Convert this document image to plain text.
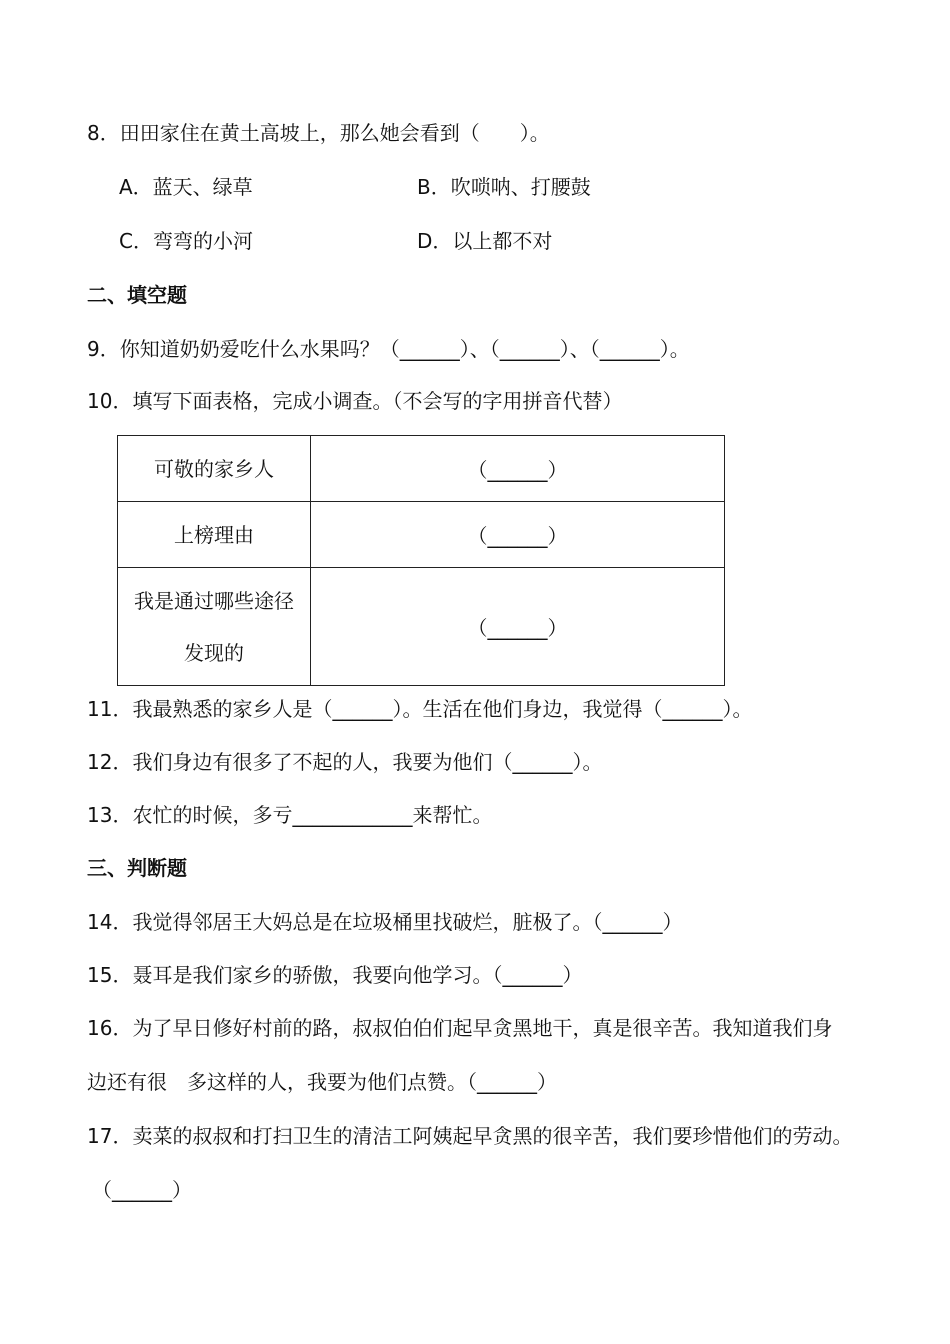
8．田田家住在黄土高坡上，那么她会看到（　　）。
A．蓝天、绿草	B．吹唢呐、打腰鼓
C．弯弯的小河	D．以上都不对
二、填空题
9．你知道奶奶爱吃什么水果吗？（______）、（______）、（______）。
10．填写下面表格，完成小调查。（不会写的字用拼音代替）
可敬的家乡人	（______）

上榜理由	（______）

我是通过哪些途径
发现的	（______）
11．我最熟悉的家乡人是（______）。生活在他们身边，我觉得（______）。
12．我们身边有很多了不起的人，我要为他们（______）。
13．农忙的时候，多亏____________来帮忙。
三、判断题
14．我觉得邻居王大妈总是在垃圾桶里找破烂，脏极了。（______）
15．聂耳是我们家乡的骄傲，我要向他学习。（______）
16．为了早日修好村前的路，叔叔伯伯们起早贪黑地干，真是很辛苦。我知道我们身
边还有很　多这样的人，我要为他们点赞。（______）
17．卖菜的叔叔和打扫卫生的清洁工阿姨起早贪黑的很辛苦，我们要珍惜他们的劳动。
（______）
